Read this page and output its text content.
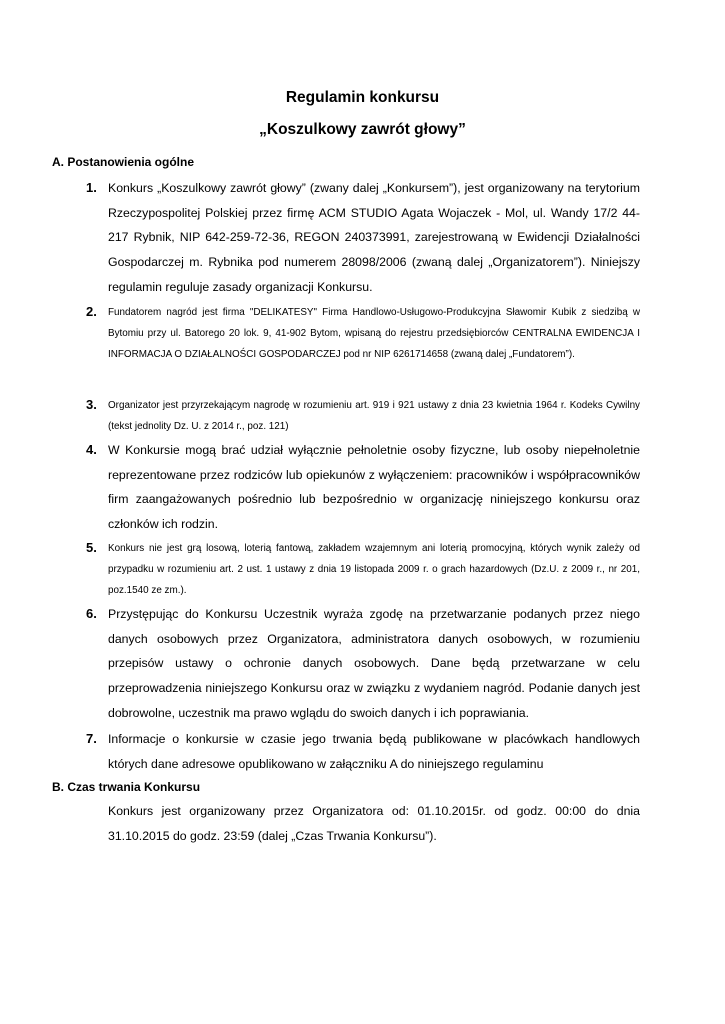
Regulamin konkursu
„Koszulkowy zawrót głowy”
A. Postanowienia ogólne
1. Konkurs „Koszulkowy zawrót głowy” (zwany dalej „Konkursem”), jest organizowany na terytorium Rzeczypospolitej Polskiej przez firmę ACM STUDIO Agata Wojaczek - Mol, ul. Wandy 17/2 44-217 Rybnik, NIP 642-259-72-36, REGON 240373991, zarejestrowaną w Ewidencji Działalności Gospodarczej m. Rybnika pod numerem 28098/2006 (zwaną dalej „Organizatorem”). Niniejszy regulamin reguluje zasady organizacji Konkursu.
2. Fundatorem nagród jest firma "DELIKATESY" Firma Handlowo-Usługowo-Produkcyjna Sławomir Kubik z siedzibą w Bytomiu przy ul. Batorego 20 lok. 9, 41-902 Bytom, wpisaną do rejestru przedsiębiorców CENTRALNA EWIDENCJA I INFORMACJA O DZIAŁALNOŚCI GOSPODARCZEJ pod nr NIP 6261714658 (zwaną dalej „Fundatorem”).
3. Organizator jest przyrzekającym nagrodę w rozumieniu art. 919 i 921 ustawy z dnia 23 kwietnia 1964 r. Kodeks Cywilny (tekst jednolity Dz. U. z 2014 r., poz. 121)
4. W Konkursie mogą brać udział wyłącznie pełnoletnie osoby fizyczne, lub osoby niepełnoletnie reprezentowane przez rodziców lub opiekunów z wyłączeniem: pracowników i współpracowników firm zaangażowanych pośrednio lub bezpośrednio w organizację niniejszego konkursu oraz członków ich rodzin.
5. Konkurs nie jest grą losową, loterią fantową, zakładem wzajemnym ani loterią promocyjną, których wynik zależy od przypadku w rozumieniu art. 2 ust. 1 ustawy z dnia 19 listopada 2009 r. o grach hazardowych (Dz.U. z 2009 r., nr 201, poz.1540 ze zm.).
6. Przystępując do Konkursu Uczestnik wyraża zgodę na przetwarzanie podanych przez niego danych osobowych przez Organizatora, administratora danych osobowych, w rozumieniu przepisów ustawy o ochronie danych osobowych. Dane będą przetwarzane w celu przeprowadzenia niniejszego Konkursu oraz w związku z wydaniem nagród. Podanie danych jest dobrowolne, uczestnik ma prawo wglądu do swoich danych i ich poprawiania.
7. Informacje o konkursie w czasie jego trwania będą publikowane w placówkach handlowych których dane adresowe opublikowano w załączniku A do niniejszego regulaminu
B. Czas trwania Konkursu
Konkurs jest organizowany przez Organizatora od: 01.10.2015r. od godz. 00:00 do dnia 31.10.2015 do godz. 23:59 (dalej „Czas Trwania Konkursu”).
